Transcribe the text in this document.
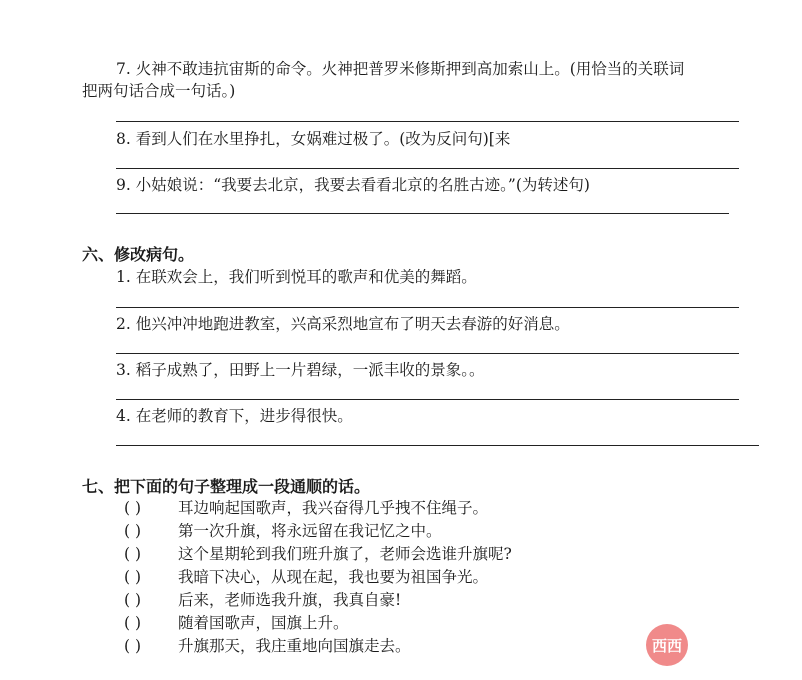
7. 火神不敢违抗宙斯的命令。火神把普罗米修斯押到高加索山上。(用恰当的关联词
把两句话合成一句话。)
8. 看到人们在水里挣扎，女娲难过极了。(改为反问句)[来
9. 小姑娘说：“我要去北京，我要去看看北京的名胜古迹。”(为转述句)
六、修改病句。
1. 在联欢会上，我们听到悦耳的歌声和优美的舞蹈。
2. 他兴冲冲地跑进教室，兴高采烈地宣布了明天去春游的好消息。
3. 稻子成熟了，田野上一片碧绿，一派丰收的景象。。
4. 在老师的教育下，进步得很快。
七、把下面的句子整理成一段通顺的话。
( ) 耳边响起国歌声，我兴奋得几乎拽不住绳子。
( ) 第一次升旗，将永远留在我记忆之中。
( ) 这个星期轮到我们班升旗了，老师会选谁升旗呢?
( ) 我暗下决心，从现在起，我也要为祖国争光。
( ) 后来，老师选我升旗，我真自豪!
( ) 随着国歌声，国旗上升。
( ) 升旗那天，我庄重地向国旗走去。	西西
